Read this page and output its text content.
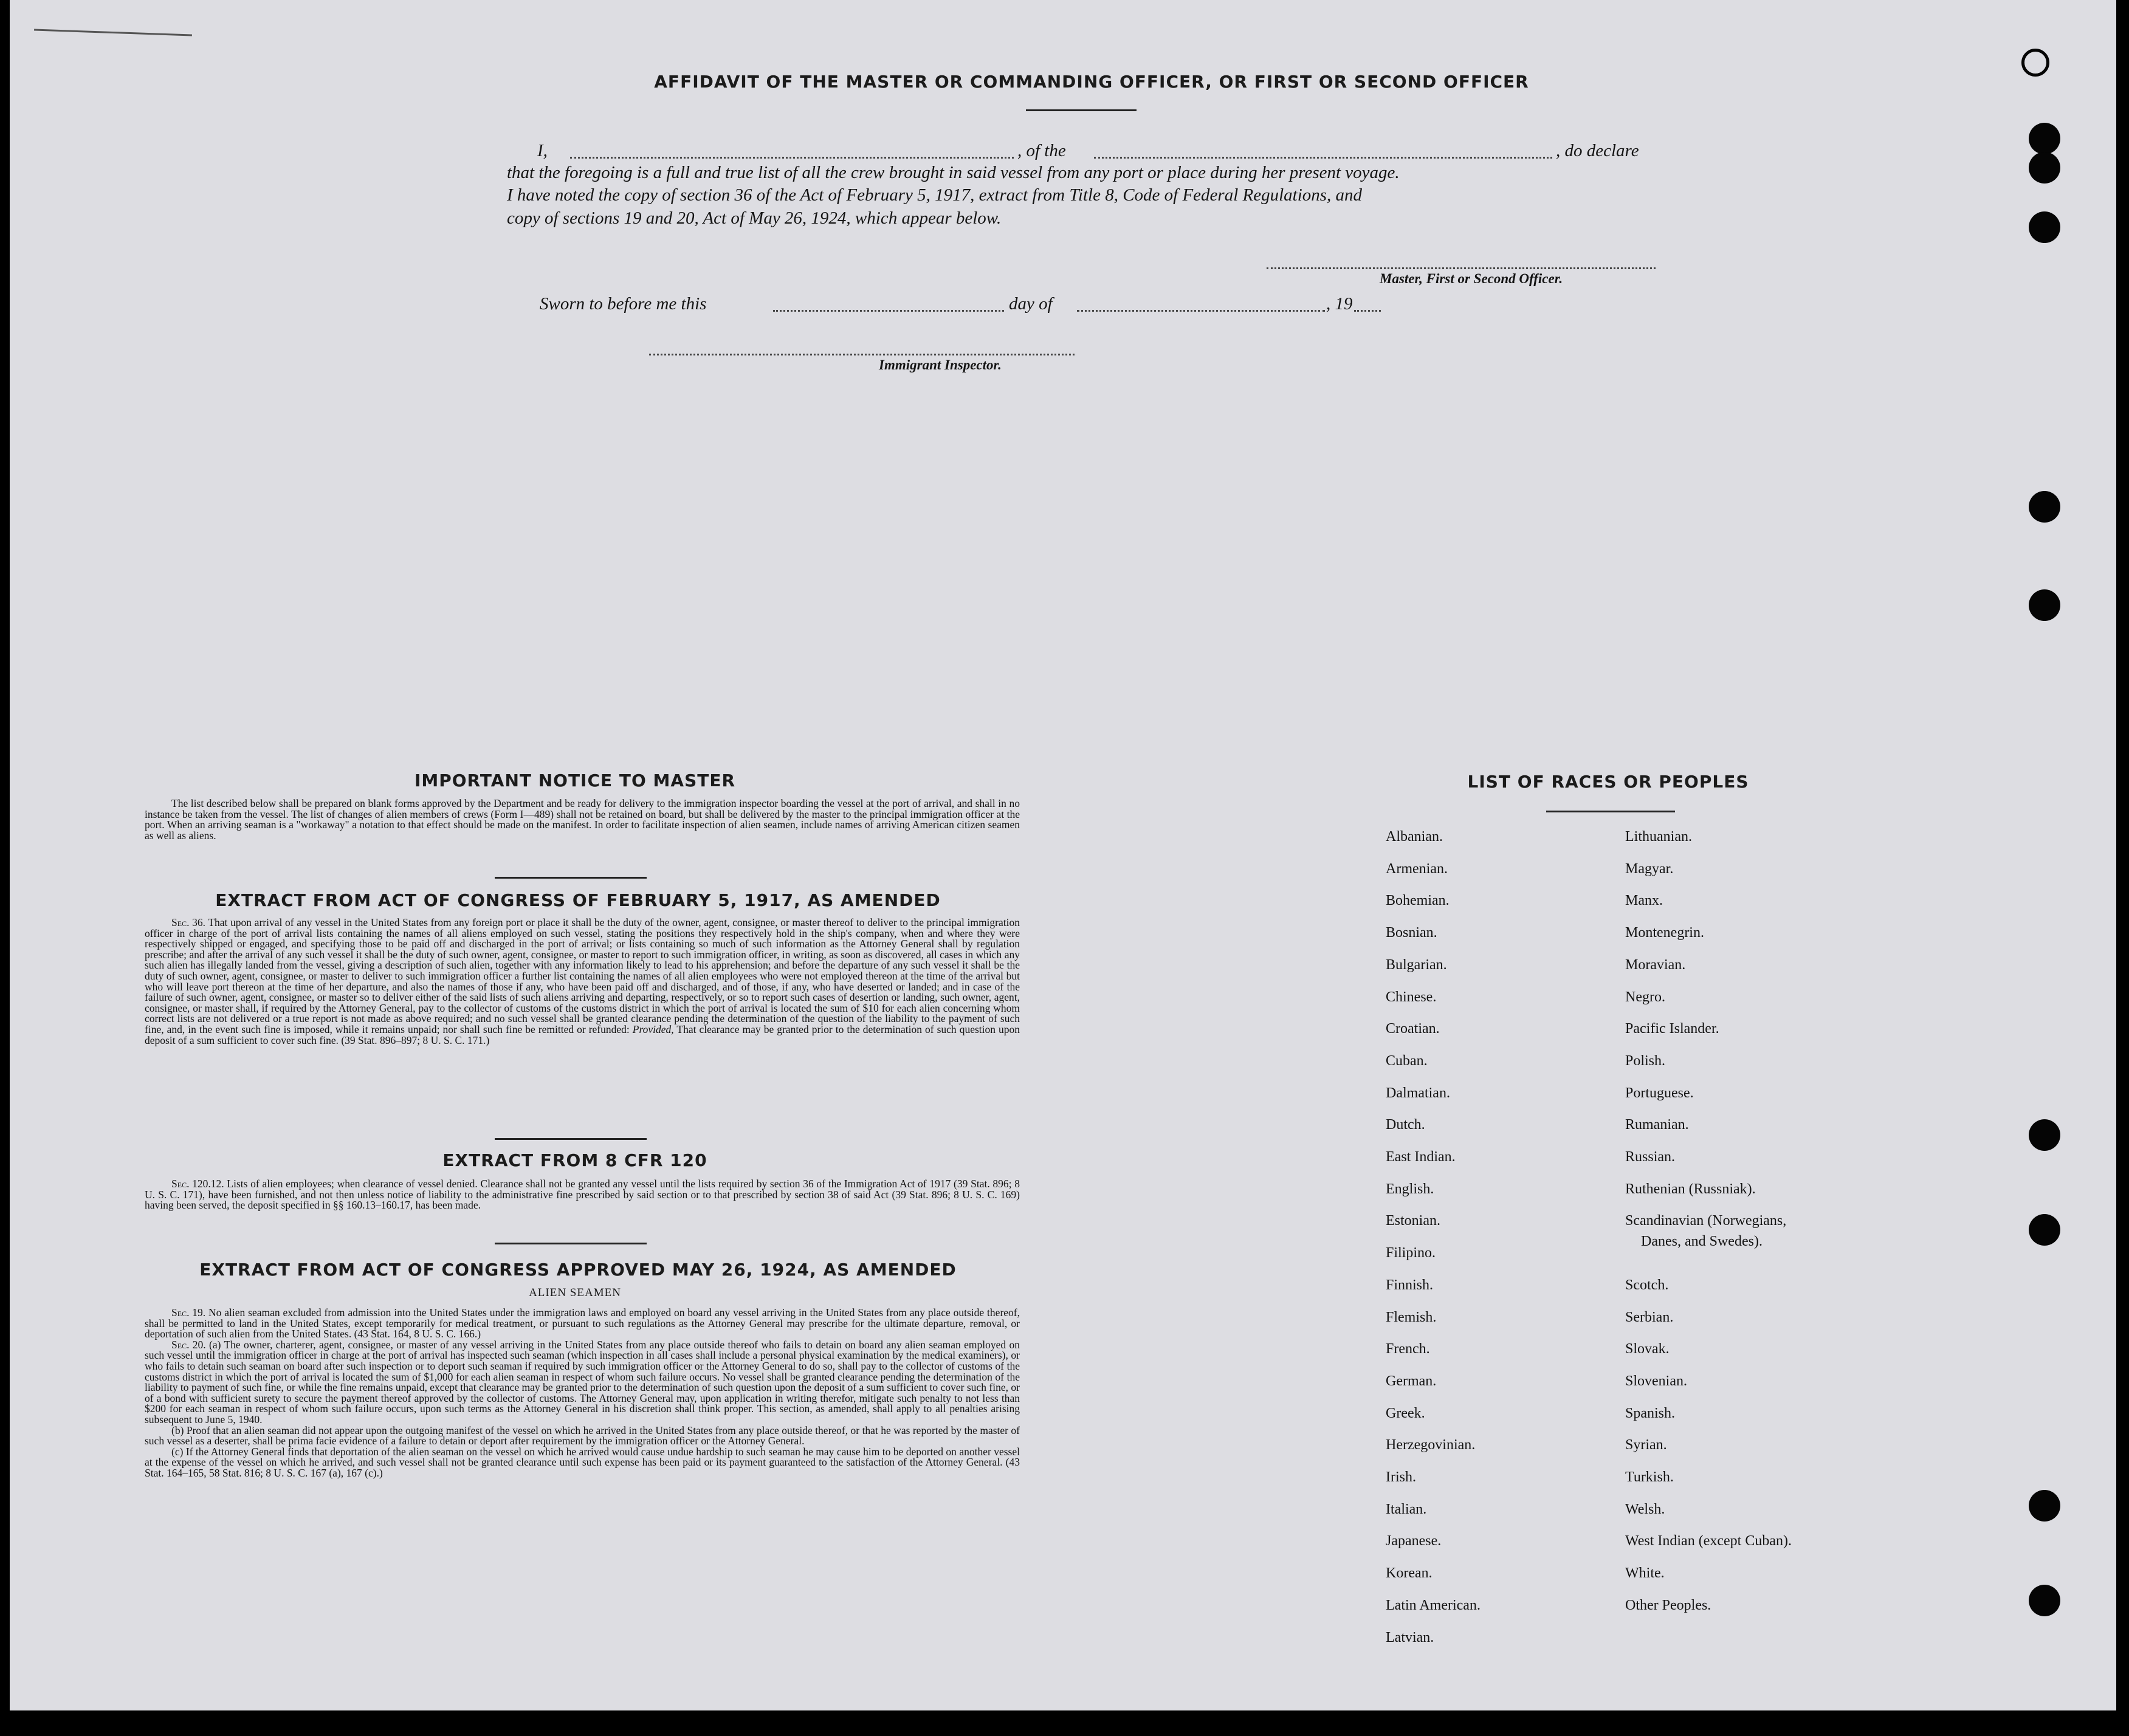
AFFIDAVIT OF THE MASTER OR COMMANDING OFFICER, OR FIRST OR SECOND OFFICER
I,	, of the	, do declare
that the foregoing is a full and true list of all the crew brought in said vessel from any port or place during her present voyage.
I have noted the copy of section 36 of the Act of February 5, 1917, extract from Title 8, Code of Federal Regulations, and
copy of sections 19 and 20, Act of May 26, 1924, which appear below.
Master, First or Second Officer.
Sworn to before me this	day of	, 19
Immigrant Inspector.
IMPORTANT NOTICE TO MASTER

The list described below shall be prepared on blank forms approved by the Department and be ready for delivery to the immigration inspector boarding the vessel at the port of arrival, and shall in no instance be taken from the vessel. The list of changes of alien members of crews (Form I—489) shall not be retained on board, but shall be delivered by the master to the principal immigration officer at the port. When an arriving seaman is a "workaway" a notation to that effect should be made on the manifest. In order to facilitate inspection of alien seamen, include names of arriving American citizen seamen as well as aliens.

EXTRACT FROM ACT OF CONGRESS OF FEBRUARY 5, 1917, AS AMENDED

Sec. 36. That upon arrival of any vessel in the United States from any foreign port or place it shall be the duty of the owner, agent, consignee, or master thereof to deliver to the principal immigration officer in charge of the port of arrival lists containing the names of all aliens employed on such vessel, stating the positions they respectively hold in the ship's company, when and where they were respectively shipped or engaged, and specifying those to be paid off and discharged in the port of arrival; or lists containing so much of such information as the Attorney General shall by regulation prescribe; and after the arrival of any such vessel it shall be the duty of such owner, agent, consignee, or master to report to such immigration officer, in writing, as soon as discovered, all cases in which any such alien has illegally landed from the vessel, giving a description of such alien, together with any information likely to lead to his apprehension; and before the departure of any such vessel it shall be the duty of such owner, agent, consignee, or master to deliver to such immigration officer a further list containing the names of all alien employees who were not employed thereon at the time of the arrival but who will leave port thereon at the time of her departure, and also the names of those if any, who have been paid off and discharged, and of those, if any, who have deserted or landed; and in case of the failure of such owner, agent, consignee, or master so to deliver either of the said lists of such aliens arriving and departing, respectively, or so to report such cases of desertion or landing, such owner, agent, consignee, or master shall, if required by the Attorney General, pay to the collector of customs of the customs district in which the port of arrival is located the sum of $10 for each alien concerning whom correct lists are not delivered or a true report is not made as above required; and no such vessel shall be granted clearance pending the determination of the question of the liability to the payment of such fine, and, in the event such fine is imposed, while it remains unpaid; nor shall such fine be remitted or refunded: Provided, That clearance may be granted prior to the determination of such question upon deposit of a sum sufficient to cover such fine. (39 Stat. 896–897; 8 U. S. C. 171.)

EXTRACT FROM 8 CFR 120

Sec. 120.12. Lists of alien employees; when clearance of vessel denied. Clearance shall not be granted any vessel until the lists required by section 36 of the Immigration Act of 1917 (39 Stat. 896; 8 U. S. C. 171), have been furnished, and not then unless notice of liability to the administrative fine prescribed by said section or to that prescribed by section 38 of said Act (39 Stat. 896; 8 U. S. C. 169) having been served, the deposit specified in §§ 160.13–160.17, has been made.

EXTRACT FROM ACT OF CONGRESS APPROVED MAY 26, 1924, AS AMENDED
ALIEN SEAMEN

Sec. 19. No alien seaman excluded from admission into the United States under the immigration laws and employed on board any vessel arriving in the United States from any place outside thereof, shall be permitted to land in the United States, except temporarily for medical treatment, or pursuant to such regulations as the Attorney General may prescribe for the ultimate departure, removal, or deportation of such alien from the United States. (43 Stat. 164, 8 U. S. C. 166.)

Sec. 20. (a) The owner, charterer, agent, consignee, or master of any vessel arriving in the United States from any place outside thereof who fails to detain on board any alien seaman employed on such vessel until the immigration officer in charge at the port of arrival has inspected such seaman (which inspection in all cases shall include a personal physical examination by the medical examiners), or who fails to detain such seaman on board after such inspection or to deport such seaman if required by such immigration officer or the Attorney General to do so, shall pay to the collector of customs of the customs district in which the port of arrival is located the sum of $1,000 for each alien seaman in respect of whom such failure occurs. No vessel shall be granted clearance pending the determination of the liability to payment of such fine, or while the fine remains unpaid, except that clearance may be granted prior to the determination of such question upon the deposit of a sum sufficient to cover such fine, or of a bond with sufficient surety to secure the payment thereof approved by the collector of customs. The Attorney General may, upon application in writing therefor, mitigate such penalty to not less than $200 for each seaman in respect of whom such failure occurs, upon such terms as the Attorney General in his discretion shall think proper. This section, as amended, shall apply to all penalties arising subsequent to June 5, 1940.

(b) Proof that an alien seaman did not appear upon the outgoing manifest of the vessel on which he arrived in the United States from any place outside thereof, or that he was reported by the master of such vessel as a deserter, shall be prima facie evidence of a failure to detain or deport after requirement by the immigration officer or the Attorney General.

(c) If the Attorney General finds that deportation of the alien seaman on the vessel on which he arrived would cause undue hardship to such seaman he may cause him to be deported on another vessel at the expense of the vessel on which he arrived, and such vessel shall not be granted clearance until such expense has been paid or its payment guaranteed to the satisfaction of the Attorney General. (43 Stat. 164–165, 58 Stat. 816; 8 U. S. C. 167 (a), 167 (c).)

LIST OF RACES OR PEOPLES
Danes, and Swedes).
Albanian.
Armenian.
Bohemian.
Bosnian.
Bulgarian.
Chinese.
Croatian.
Cuban.
Dalmatian.
Dutch.
East Indian.
English.
Estonian.
Filipino.
Finnish.
Flemish.
French.
German.
Greek.
Herzegovinian.
Irish.
Italian.
Japanese.
Korean.
Latin American.
Latvian.
Lithuanian.
Magyar.
Manx.
Montenegrin.
Moravian.
Negro.
Pacific Islander.
Polish.
Portuguese.
Rumanian.
Russian.
Ruthenian (Russniak).
Scandinavian (Norwegians,
Scotch.
Serbian.
Slovak.
Slovenian.
Spanish.
Syrian.
Turkish.
Welsh.
West Indian (except Cuban).
White.
Other Peoples.
